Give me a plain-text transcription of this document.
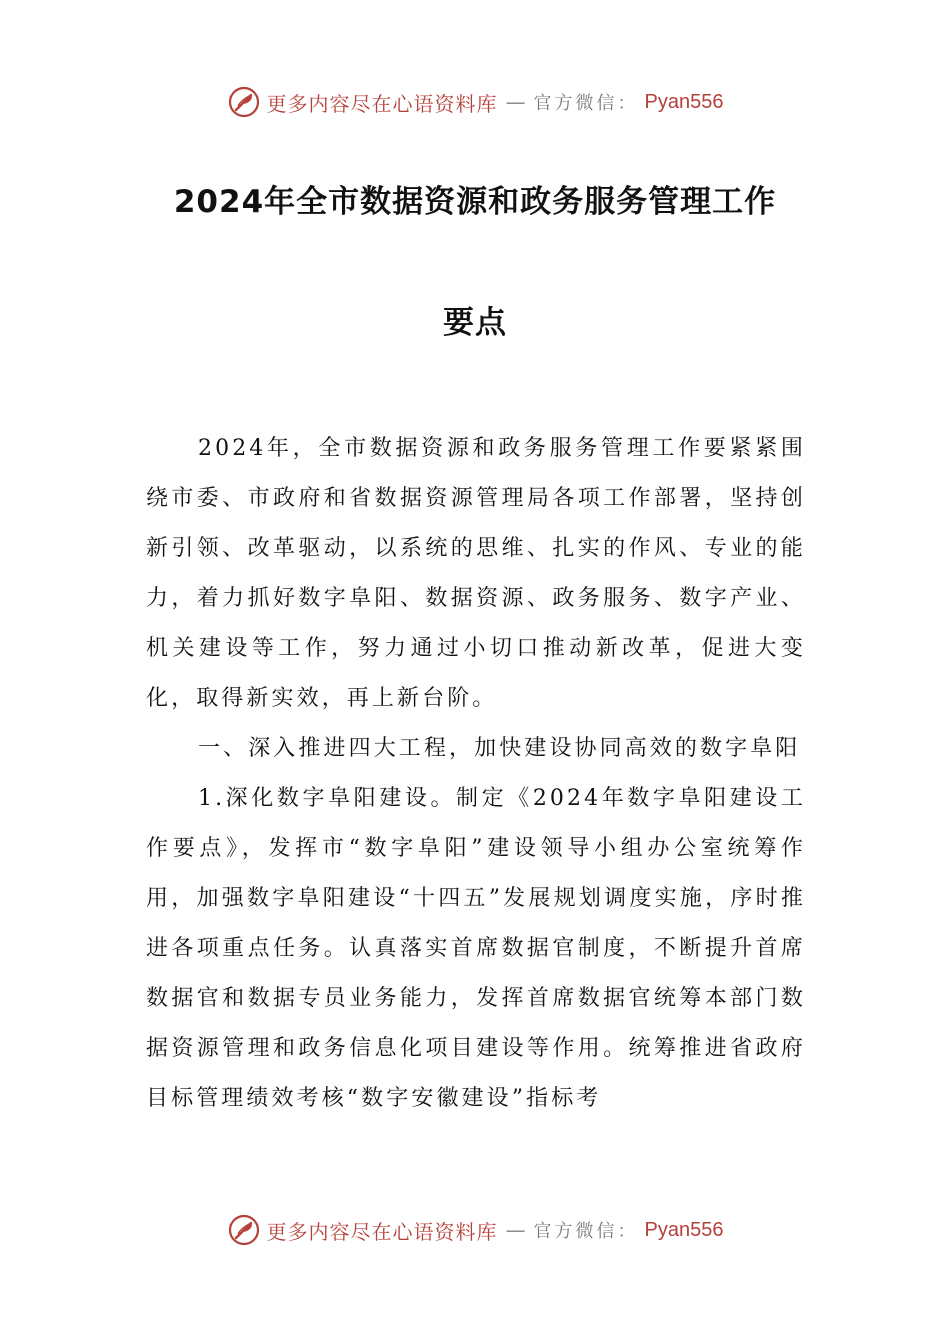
更多内容尽在心语资料库 — 官方微信： Pyan556
2024年全市数据资源和政务服务管理工作
要点

2024年，全市数据资源和政务服务管理工作要紧紧围绕市委、市政府和省数据资源管理局各项工作部署，坚持创新引领、改革驱动，以系统的思维、扎实的作风、专业的能力，着力抓好数字阜阳、数据资源、政务服务、数字产业、机关建设等工作，努力通过小切口推动新改革，促进大变化，取得新实效，再上新台阶。

一、深入推进四大工程，加快建设协同高效的数字阜阳

1.深化数字阜阳建设。制定《2024年数字阜阳建设工作要点》，发挥市“数字阜阳”建设领导小组办公室统筹作用，加强数字阜阳建设“十四五”发展规划调度实施，序时推进各项重点任务。认真落实首席数据官制度，不断提升首席数据官和数据专员业务能力，发挥首席数据官统筹本部门数据资源管理和政务信息化项目建设等作用。统筹推进省政府目标管理绩效考核“数字安徽建设”指标考

更多内容尽在心语资料库 — 官方微信： Pyan556
